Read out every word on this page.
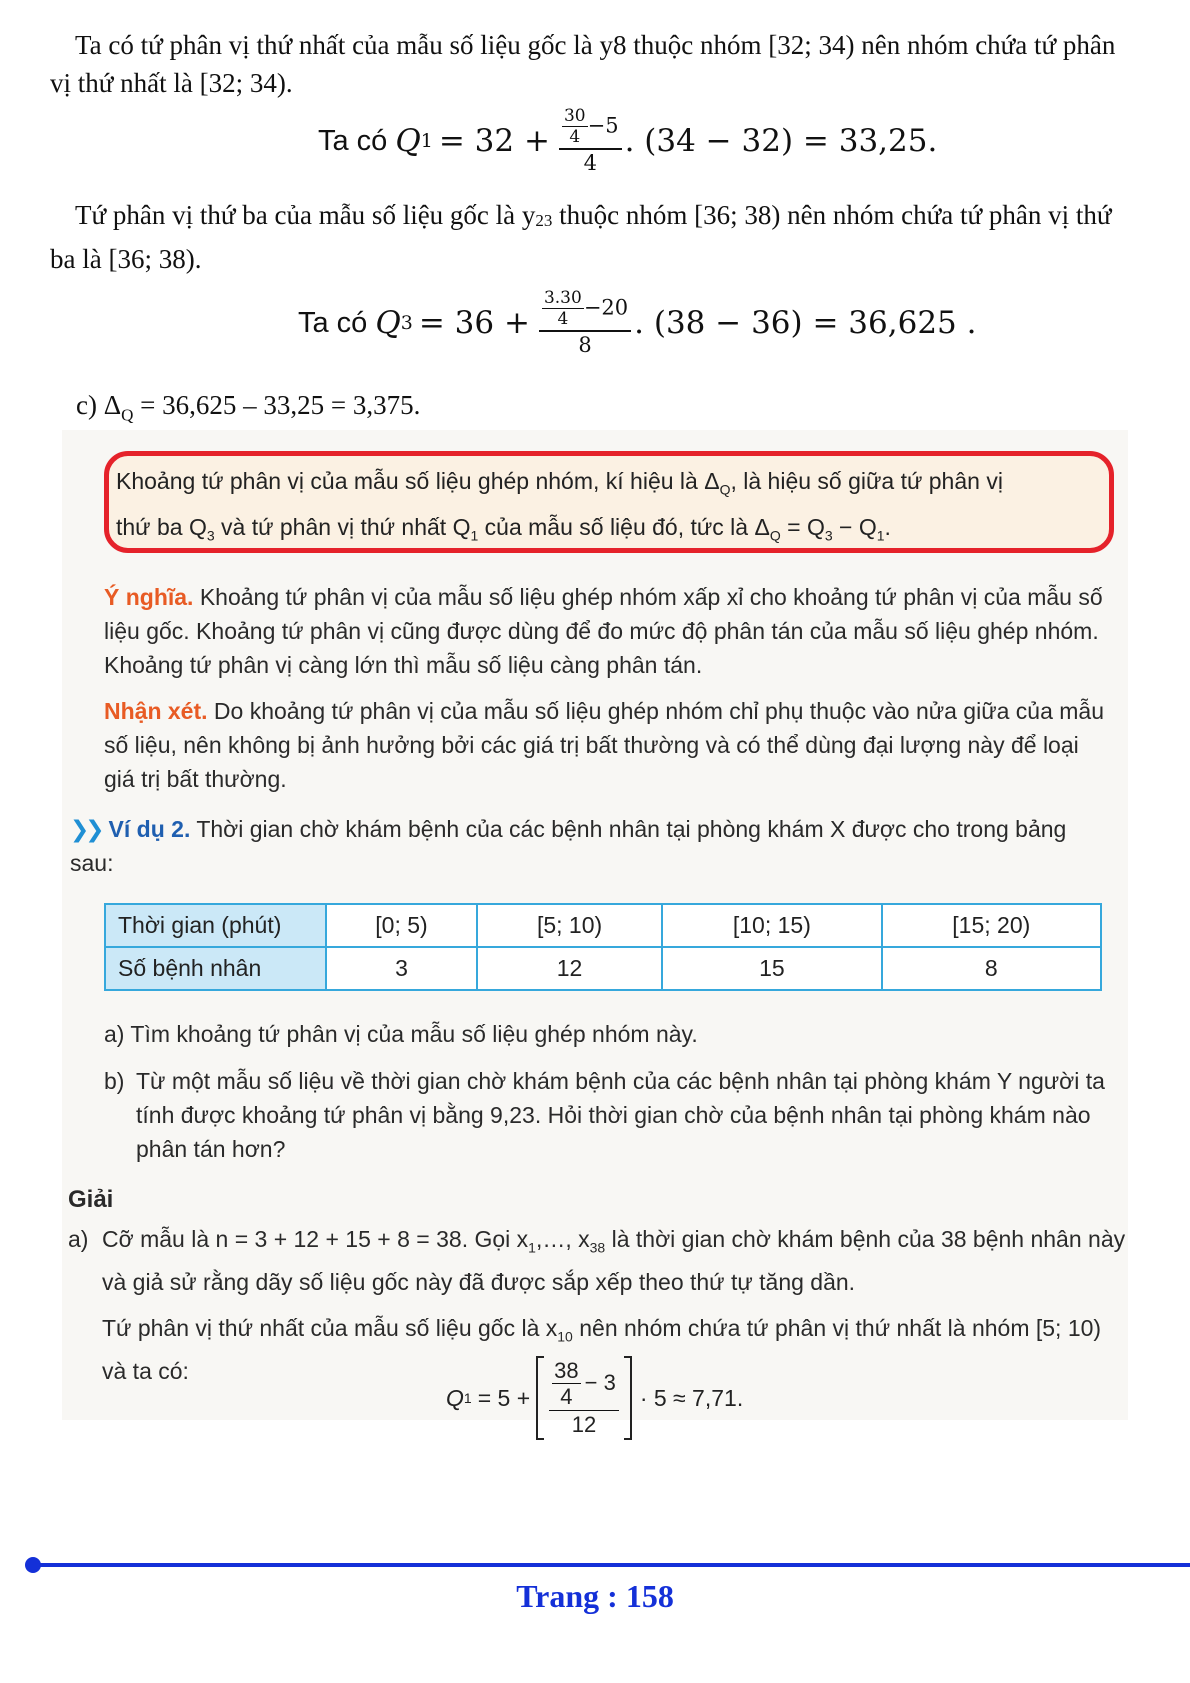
Ta có tứ phân vị thứ nhất của mẫu số liệu gốc là y8 thuộc nhóm [32; 34) nên nhóm chứa tứ phân vị thứ nhất là [32; 34).
Ta có Q $1 = 32 + \frac{\frac{30}{4} -5}{4}$ . (34 − 32) = 33,25.
Tứ phân vị thứ ba của mẫu số liệu gốc là $y_{23}$ thuộc nhóm [36; 38) nên nhóm chứa tứ phân vị thứ ba là [36; 38).
Ta có Q $3 = 36 + \frac{\frac{3.30}{4} -20}{8}$ . (38 − 36) = 36,625 .
c) $\Delta_Q = 36,625 - 33,25 = 3,375$.
Khoảng tứ phân vị của mẫu số liệu ghép nhóm, kí hiệu là $\Delta_Q$, là hiệu số giữa tứ phân vị
thứ ba $Q_3$ và tứ phân vị thứ nhất $Q_1$ của mẫu số liệu đó, tức là $\Delta_Q = Q_3 - Q_1$.
Ý nghĩa. Khoảng tứ phân vị của mẫu số liệu ghép nhóm xấp xỉ cho khoảng tứ phân vị của mẫu số liệu gốc. Khoảng tứ phân vị cũng được dùng để đo mức độ phân tán của mẫu số liệu ghép nhóm. Khoảng tứ phân vị càng lớn thì mẫu số liệu càng phân tán.
Nhận xét. Do khoảng tứ phân vị của mẫu số liệu ghép nhóm chỉ phụ thuộc vào nửa giữa của mẫu số liệu, nên không bị ảnh hưởng bởi các giá trị bất thường và có thể dùng đại lượng này để loại giá trị bất thường.
❯❯ Ví dụ 2. Thời gian chờ khám bệnh của các bệnh nhân tại phòng khám X được cho trong bảng sau:
Thời gian (phút)	[0; 5)	[5; 10)	[10; 15)	[15; 20)
Số bệnh nhân	3	12	15	8
a) Tìm khoảng tứ phân vị của mẫu số liệu ghép nhóm này.
b) Từ một mẫu số liệu về thời gian chờ khám bệnh của các bệnh nhân tại phòng khám Y người ta tính được khoảng tứ phân vị bằng 9,23. Hỏi thời gian chờ của bệnh nhân tại phòng khám nào phân tán hơn?
Giải
a) Cỡ mẫu là n = 3 + 12 + 15 + 8 = 38. Gọi $x_1,\dots$, $x_{38}$ là thời gian chờ khám bệnh của 38 bệnh nhân này và giả sử rằng dãy số liệu gốc này đã được sắp xếp theo thứ tự tăng dần.
Tứ phân vị thứ nhất của mẫu số liệu gốc là $x_{10}$ nên nhóm chứa tứ phân vị thứ nhất là nhóm [5; 10) và ta có:
Q $1 = 5 + \frac{\frac{38}{4} - 3}{12} \cdot 5 \approx 7,71$.
Trang : 158
